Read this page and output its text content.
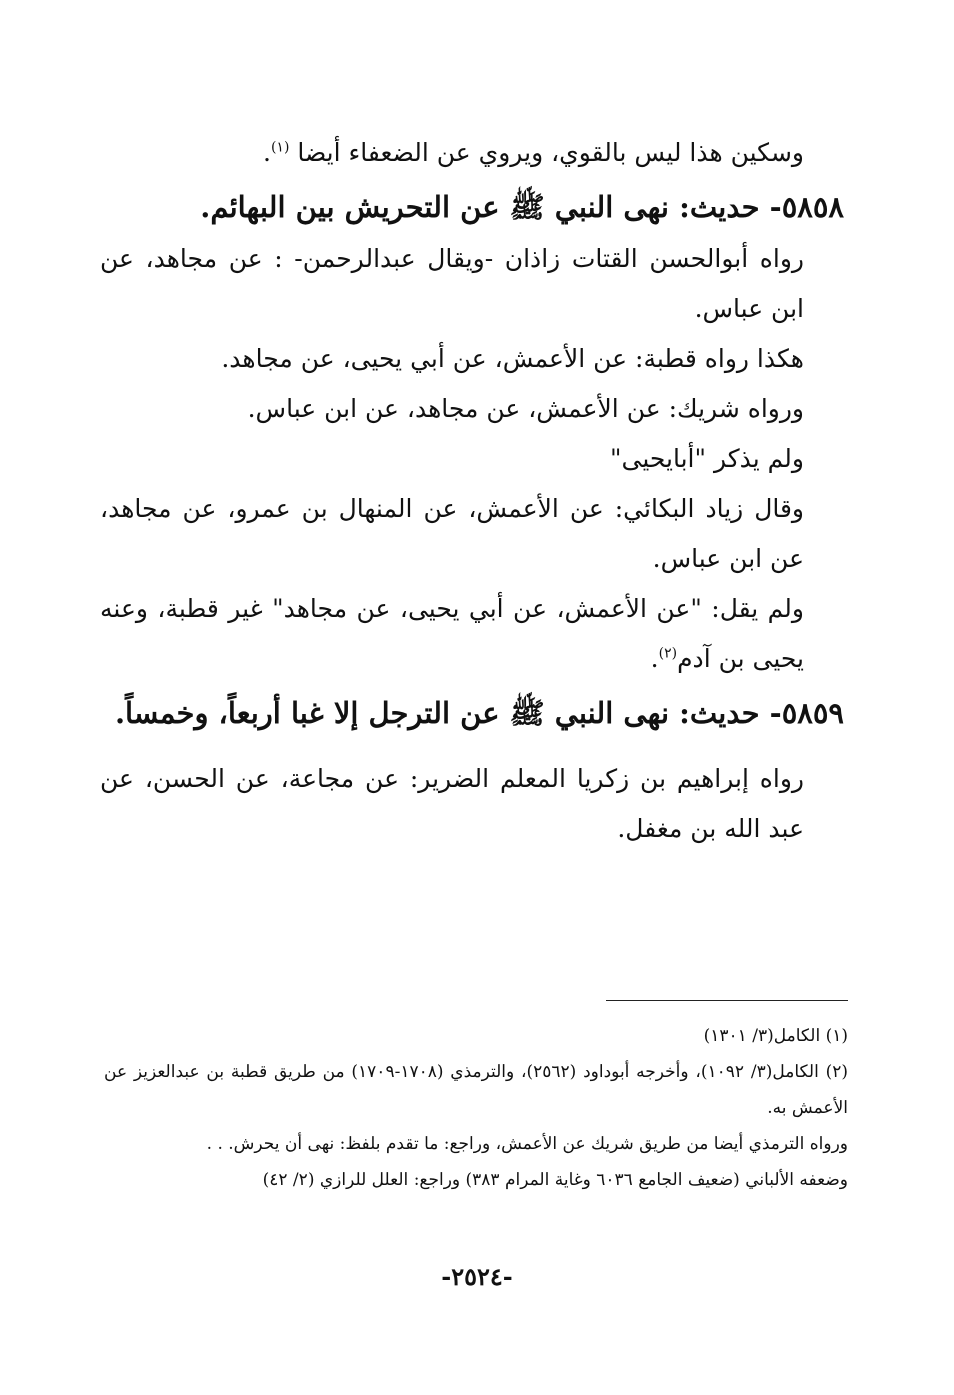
وسكين هذا ليس بالقوي، ويروي عن الضعفاء أيضا $^{(١)}$.

٥٨٥٨- حديث: نهى النبي ﷺ عن التحريش بين البهائم.

رواه أبوالحسن القتات زاذان -ويقال عبدالرحمن- : عن مجاهد، عن ابن عباس.

هكذا رواه قطبة: عن الأعمش، عن أبي يحيى، عن مجاهد.

ورواه شريك: عن الأعمش، عن مجاهد، عن ابن عباس.

ولم يذكر "أبايحيى"

وقال زياد البكائي: عن الأعمش، عن المنهال بن عمرو، عن مجاهد، عن ابن عباس.

ولم يقل: "عن الأعمش، عن أبي يحيى، عن مجاهد" غير قطبة، وعنه يحيى بن آدم$^{(٢)}$.

٥٨٥٩- حديث: نهى النبي ﷺ عن الترجل إلا غبا أربعاً، وخمساً.

رواه إبراهيم بن زكريا المعلم الضرير: عن مجاعة، عن الحسن، عن عبد الله بن مغفل.

(١) الكامل(٣/ ١٣٠١)

(٢) الكامل(٣/ ١٠٩٢)، وأخرجه أبوداود (٢٥٦٢)، والترمذي (١٧٠٨-١٧٠٩) من طريق قطبة بن عبدالعزيز عن الأعمش به.

ورواه الترمذي أيضا من طريق شريك عن الأعمش، وراجع: ما تقدم بلفظ: نهى أن يحرش. . .

وضعفه الألباني (ضعيف الجامع ٦٠٣٦ وغاية المرام ٣٨٣) وراجع: العلل للرازي (٢/ ٤٢)

-٢٥٢٤-
